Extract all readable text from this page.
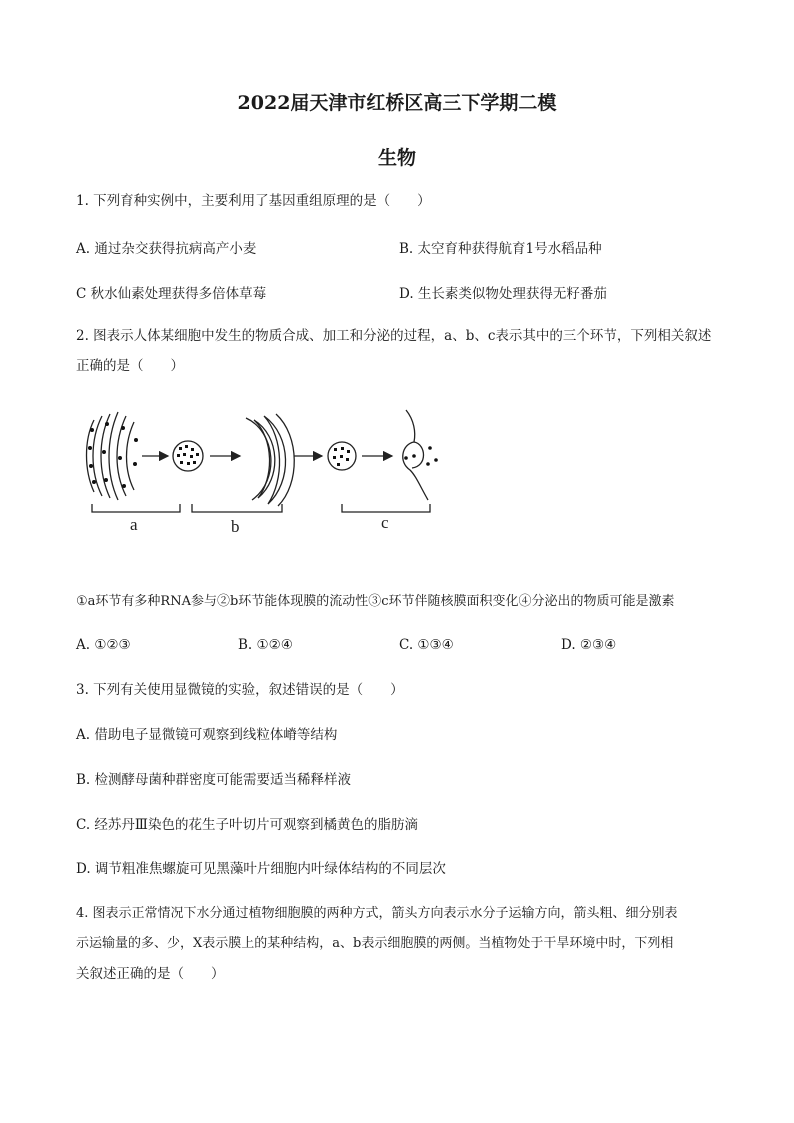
2022届天津市红桥区高三下学期二模
生物
1. 下列育种实例中，主要利用了基因重组原理的是（　　）
A. 通过杂交获得抗病高产小麦	B. 太空育种获得航育1号水稻品种
C 秋水仙素处理获得多倍体草莓	D. 生长素类似物处理获得无籽番茄
2. 图表示人体某细胞中发生的物质合成、加工和分泌的过程，a、b、c表示其中的三个环节，下列相关叙述
正确的是（　　）
a	b	c
①a环节有多种RNA参与②b环节能体现膜的流动性③c环节伴随核膜面积变化④分泌出的物质可能是激素
A. ①②③	B. ①②④	C. ①③④	D. ②③④
3. 下列有关使用显微镜的实验，叙述错误的是（　　）
A. 借助电子显微镜可观察到线粒体嵴等结构
B. 检测酵母菌种群密度可能需要适当稀释样液
C. 经苏丹Ⅲ染色的花生子叶切片可观察到橘黄色的脂肪滴
D. 调节粗准焦螺旋可见黑藻叶片细胞内叶绿体结构的不同层次
4. 图表示正常情况下水分通过植物细胞膜的两种方式，箭头方向表示水分子运输方向，箭头粗、细分别表
示运输量的多、少，X表示膜上的某种结构，a、b表示细胞膜的两侧。当植物处于干旱环境中时，下列相
关叙述正确的是（　　）
